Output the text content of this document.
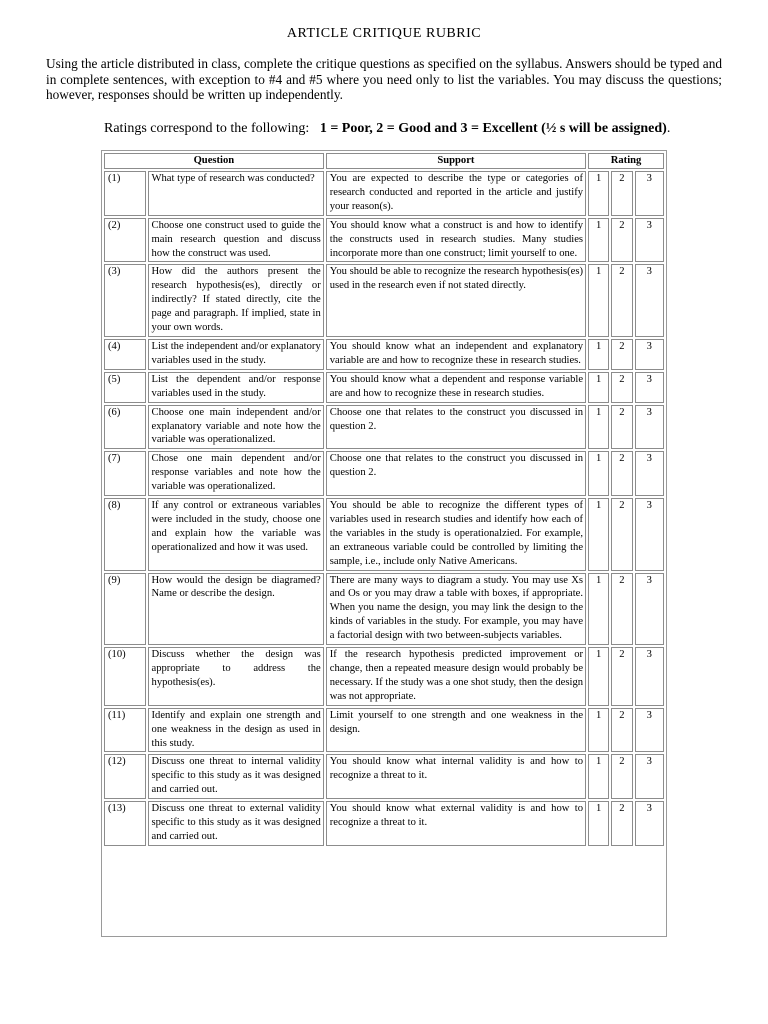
ARTICLE CRITIQUE RUBRIC
Using the article distributed in class, complete the critique questions as specified on the syllabus. Answers should be typed and in complete sentences, with exception to #4 and #5 where you need only to list the variables. You may discuss the questions; however, responses should be written up independently.
Ratings correspond to the following: 1 = Poor, 2 = Good and 3 = Excellent (½ s will be assigned).
Question		Support	Rating		
(1)	What type of research was conducted?	You are expected to describe the type or categories of research conducted and reported in the article and justify your reason(s).	1	2	3
(2)	Choose one construct used to guide the main research question and discuss how the construct was used.	You should know what a construct is and how to identify the constructs used in research studies. Many studies incorporate more than one construct; limit yourself to one.	1	2	3
(3)	How did the authors present the research hypothesis(es), directly or indirectly? If stated directly, cite the page and paragraph. If implied, state in your own words.	You should be able to recognize the research hypothesis(es) used in the research even if not stated directly.	1	2	3
(4)	List the independent and/or explanatory variables used in the study.	You should know what an independent and explanatory variable are and how to recognize these in research studies.	1	2	3
(5)	List the dependent and/or response variables used in the study.	You should know what a dependent and response variable are and how to recognize these in research studies.	1	2	3
(6)	Choose one main independent and/or explanatory variable and note how the variable was operationalized.	Choose one that relates to the construct you discussed in question 2.	1	2	3
(7)	Chose one main dependent and/or response variables and note how the variable was operationalized.	Choose one that relates to the construct you discussed in question 2.	1	2	3
(8)	If any control or extraneous variables were included in the study, choose one and explain how the variable was operationalized and how it was used.	You should be able to recognize the different types of variables used in research studies and identify how each of the variables in the study is operationalzied. For example, an extraneous variable could be controlled by limiting the sample, i.e., include only Native Americans.	1	2	3
(9)	How would the design be diagramed? Name or describe the design.	There are many ways to diagram a study. You may use Xs and Os or you may draw a table with boxes, if appropriate. When you name the design, you may link the design to the kinds of variables in the study. For example, you may have a factorial design with two between-subjects variables.	1	2	3
(10)	Discuss whether the design was appropriate to address the hypothesis(es).	If the research hypothesis predicted improvement or change, then a repeated measure design would probably be necessary. If the study was a one shot study, then the design was not appropriate.	1	2	3
(11)	Identify and explain one strength and one weakness in the design as used in this study.	Limit yourself to one strength and one weakness in the design.	1	2	3
(12)	Discuss one threat to internal validity specific to this study as it was designed and carried out.	You should know what internal validity is and how to recognize a threat to it.	1	2	3
(13)	Discuss one threat to external validity specific to this study as it was designed and carried out.	You should know what external validity is and how to recognize a threat to it.	1	2	3
